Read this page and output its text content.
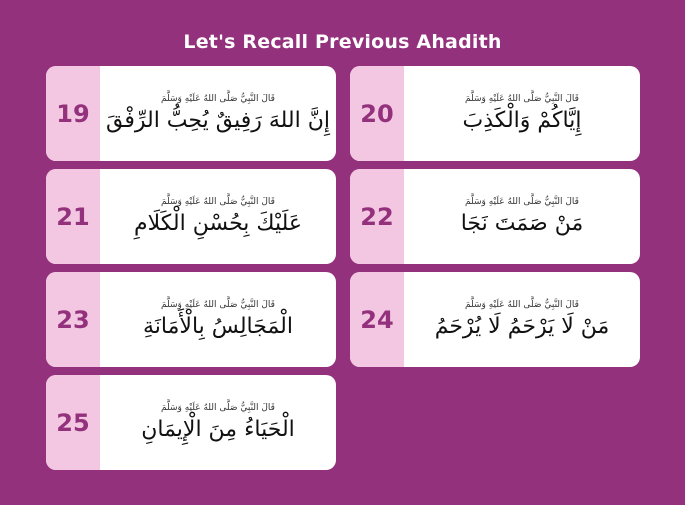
Let's Recall Previous Ahadith
19
قَالَ النَّبِيُّ صَلَّى اللهُ عَلَيْهِ وَسَلَّمَ
إِنَّ اللهَ رَفِيقٌ يُحِبُّ الرِّفْقَ 20
قَالَ النَّبِيُّ صَلَّى اللهُ عَلَيْهِ وَسَلَّمَ
إِيَّاكُمْ وَالْكَذِبَ
21
قَالَ النَّبِيُّ صَلَّى اللهُ عَلَيْهِ وَسَلَّمَ
عَلَيْكَ بِحُسْنِ الْكَلَامِ 22
قَالَ النَّبِيُّ صَلَّى اللهُ عَلَيْهِ وَسَلَّمَ
مَنْ صَمَتَ نَجَا
23
قَالَ النَّبِيُّ صَلَّى اللهُ عَلَيْهِ وَسَلَّمَ
الْمَجَالِسُ بِالْأَمَانَةِ	24
قَالَ النَّبِيُّ صَلَّى اللهُ عَلَيْهِ وَسَلَّمَ
مَنْ لَا يَرْحَمُ لَا يُرْحَمُ
25
قَالَ النَّبِيُّ صَلَّى اللهُ عَلَيْهِ وَسَلَّمَ
الْحَيَاءُ مِنَ الْإِيمَانِ
